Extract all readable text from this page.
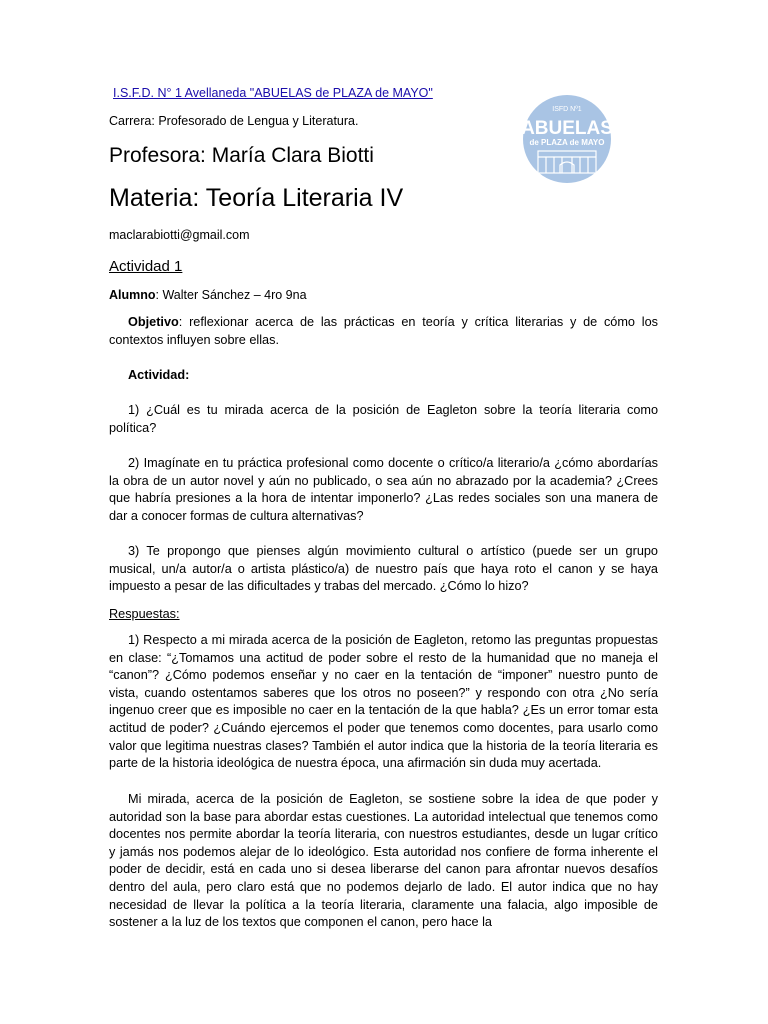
I.S.F.D. N° 1 Avellaneda "ABUELAS de PLAZA de MAYO"
Carrera: Profesorado de Lengua y Literatura.
Profesora: María Clara Biotti
Materia: Teoría Literaria IV
maclarabiotti@gmail.com
Actividad 1
Alumno: Walter Sánchez – 4ro 9na
Objetivo: reflexionar acerca de las prácticas en teoría y crítica literarias y de cómo los contextos influyen sobre ellas.
Actividad:
1) ¿Cuál es tu mirada acerca de la posición de Eagleton sobre la teoría literaria como política?
2) Imagínate en tu práctica profesional como docente o crítico/a literario/a ¿cómo abordarías la obra de un autor novel y aún no publicado, o sea aún no abrazado por la academia? ¿Crees que habría presiones a la hora de intentar imponerlo? ¿Las redes sociales son una manera de dar a conocer formas de cultura alternativas?
3) Te propongo que pienses algún movimiento cultural o artístico (puede ser un grupo musical, un/a autor/a o artista plástico/a) de nuestro país que haya roto el canon y se haya impuesto a pesar de las dificultades y trabas del mercado. ¿Cómo lo hizo?
Respuestas:
1) Respecto a mi mirada acerca de la posición de Eagleton, retomo las preguntas propuestas en clase: “¿Tomamos una actitud de poder sobre el resto de la humanidad que no maneja el “canon”? ¿Cómo podemos enseñar y no caer en la tentación de “imponer” nuestro punto de vista, cuando ostentamos saberes que los otros no poseen?” y respondo con otra ¿No sería ingenuo creer que es imposible no caer en la tentación de la que habla? ¿Es un error tomar esta actitud de poder? ¿Cuándo ejercemos el poder que tenemos como docentes, para usarlo como valor que legitima nuestras clases? También el autor indica que la historia de la teoría literaria es parte de la historia ideológica de nuestra época, una afirmación sin duda muy acertada.
Mi mirada, acerca de la posición de Eagleton, se sostiene sobre la idea de que poder y autoridad son la base para abordar estas cuestiones. La autoridad intelectual que tenemos como docentes nos permite abordar la teoría literaria, con nuestros estudiantes, desde un lugar crítico y jamás nos podemos alejar de lo ideológico. Esta autoridad nos confiere de forma inherente el poder de decidir, está en cada uno si desea liberarse del canon para afrontar nuevos desafíos dentro del aula, pero claro está que no podemos dejarlo de lado. El autor indica que no hay necesidad de llevar la política a la teoría literaria, claramente una falacia, algo imposible de sostener a la luz de los textos que componen el canon, pero hace la
ISFD Nº1
ABUELAS
de PLAZA de MAYO
